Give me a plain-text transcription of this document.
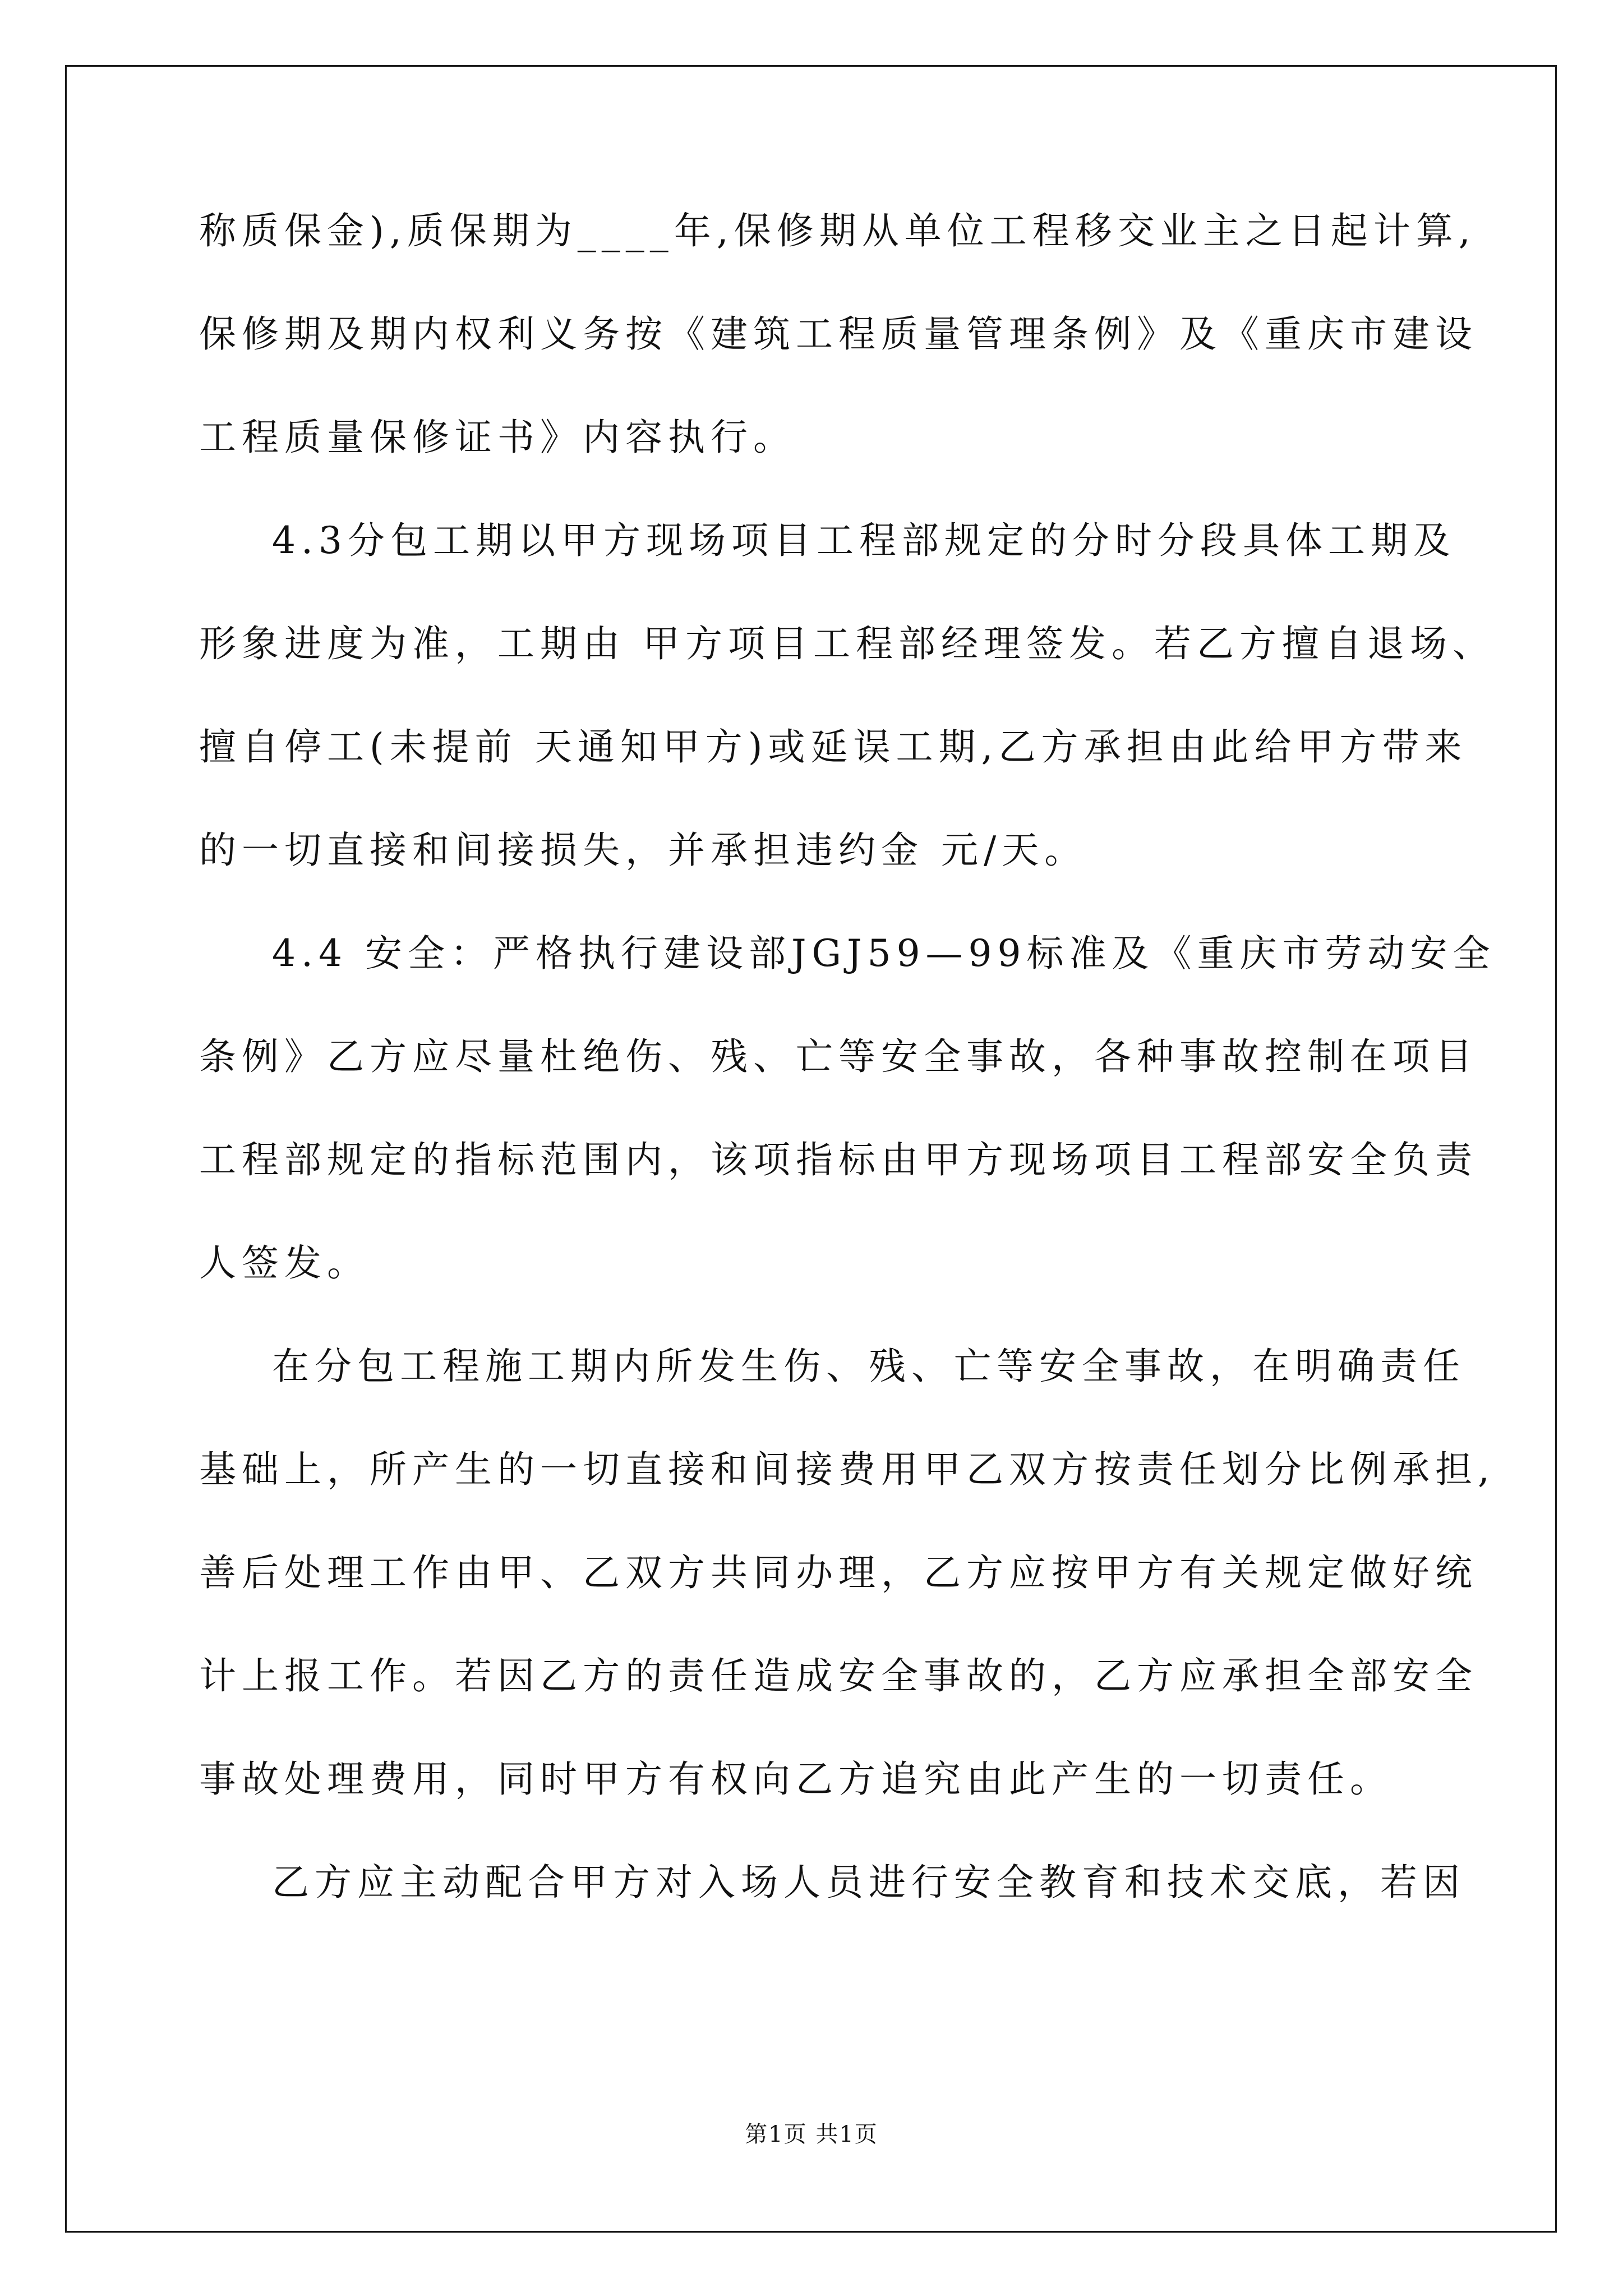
称质保金),质保期为____年,保修期从单位工程移交业主之日起计算,
保修期及期内权利义务按《建筑工程质量管理条例》及《重庆市建设
工程质量保修证书》内容执行。
4.3分包工期以甲方现场项目工程部规定的分时分段具体工期及
形象进度为准，工期由 甲方项目工程部经理签发。若乙方擅自退场、
擅自停工(未提前 天通知甲方)或延误工期,乙方承担由此给甲方带来
的一切直接和间接损失，并承担违约金 元/天。
4.4 安全：严格执行建设部JGJ59—99标准及《重庆市劳动安全
条例》乙方应尽量杜绝伤、残、亡等安全事故，各种事故控制在项目
工程部规定的指标范围内，该项指标由甲方现场项目工程部安全负责
人签发。
在分包工程施工期内所发生伤、残、亡等安全事故，在明确责任
基础上，所产生的一切直接和间接费用甲乙双方按责任划分比例承担,
善后处理工作由甲、乙双方共同办理，乙方应按甲方有关规定做好统
计上报工作。若因乙方的责任造成安全事故的，乙方应承担全部安全
事故处理费用，同时甲方有权向乙方追究由此产生的一切责任。
乙方应主动配合甲方对入场人员进行安全教育和技术交底，若因
第1页 共1页
